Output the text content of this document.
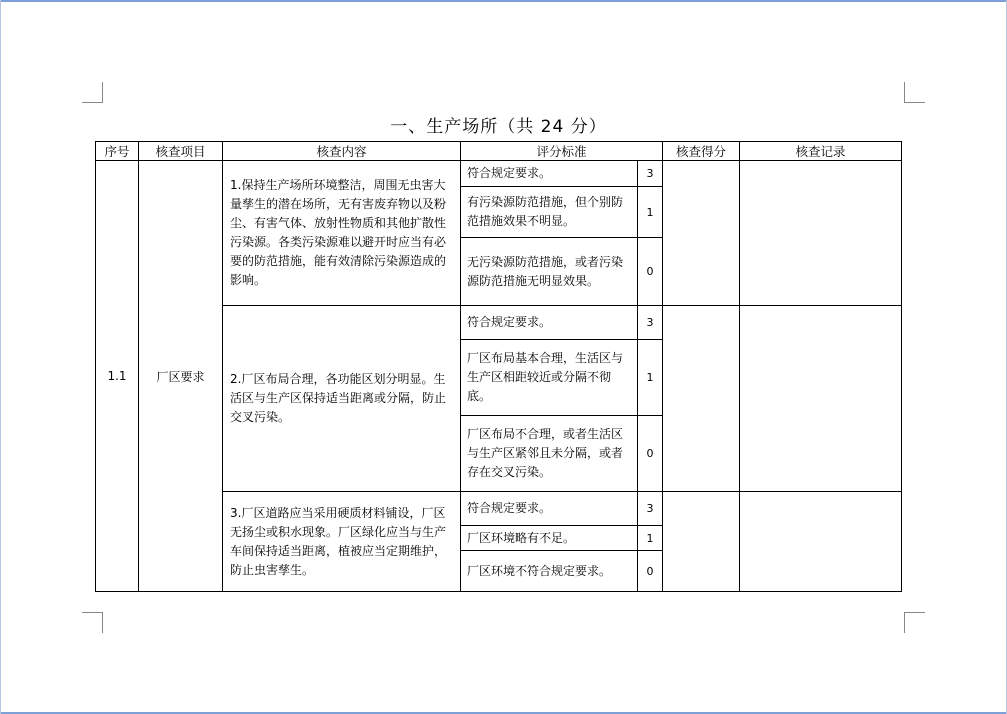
一、生产场所（共 24 分）
序号	核查项目	核查内容	评分标准		核查得分	核查记录
1.1	厂区要求	1.保持生产场所环境整洁，周围无虫害大量孳生的潜在场所，无有害废弃物以及粉尘、有害气体、放射性物质和其他扩散性污染源。各类污染源难以避开时应当有必要的防范措施，能有效清除污染源造成的影响。	符合规定要求。	3		
			有污染源防范措施，但个别防范措施效果不明显。	1		
			无污染源防范措施，或者污染源防范措施无明显效果。	0		
		2.厂区布局合理，各功能区划分明显。生活区与生产区保持适当距离或分隔，防止交叉污染。	符合规定要求。	3		
			厂区布局基本合理，生活区与生产区相距较近或分隔不彻底。	1		
			厂区布局不合理，或者生活区与生产区紧邻且未分隔，或者存在交叉污染。	0		
		3.厂区道路应当采用硬质材料铺设，厂区无扬尘或积水现象。厂区绿化应当与生产车间保持适当距离，植被应当定期维护，防止虫害孳生。	符合规定要求。	3		
			厂区环境略有不足。	1		
			厂区环境不符合规定要求。	0		
